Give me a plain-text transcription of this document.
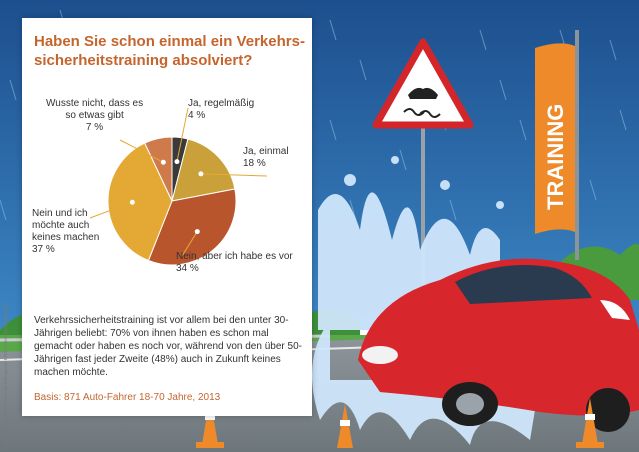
TRAINING
Haben Sie schon einmal ein Verkehrs-
sicherheitstraining absolviert?
Wusste nicht, dass es
so etwas gibt
7 %
Ja, regelmäßig
4 %
Ja, einmal
18 %
Nein, aber ich habe es vor
34 %
Nein und ich
möchte auch
keines machen
37 %

Verkehrssicherheitstraining ist vor allem bei den unter 30-Jährigen beliebt: 70% von ihnen haben es schon mal gemacht oder haben es noch vor, während von den über 50-Jährigen fast jeder Zweite (48%) auch in Zukunft keines machen möchte.

Basis: 871 Auto-Fahrer 18-70 Jahre, 2013

Quelle: Goslar Institut / Forsa im Auftrag von ERGO Versicherungsgruppe
